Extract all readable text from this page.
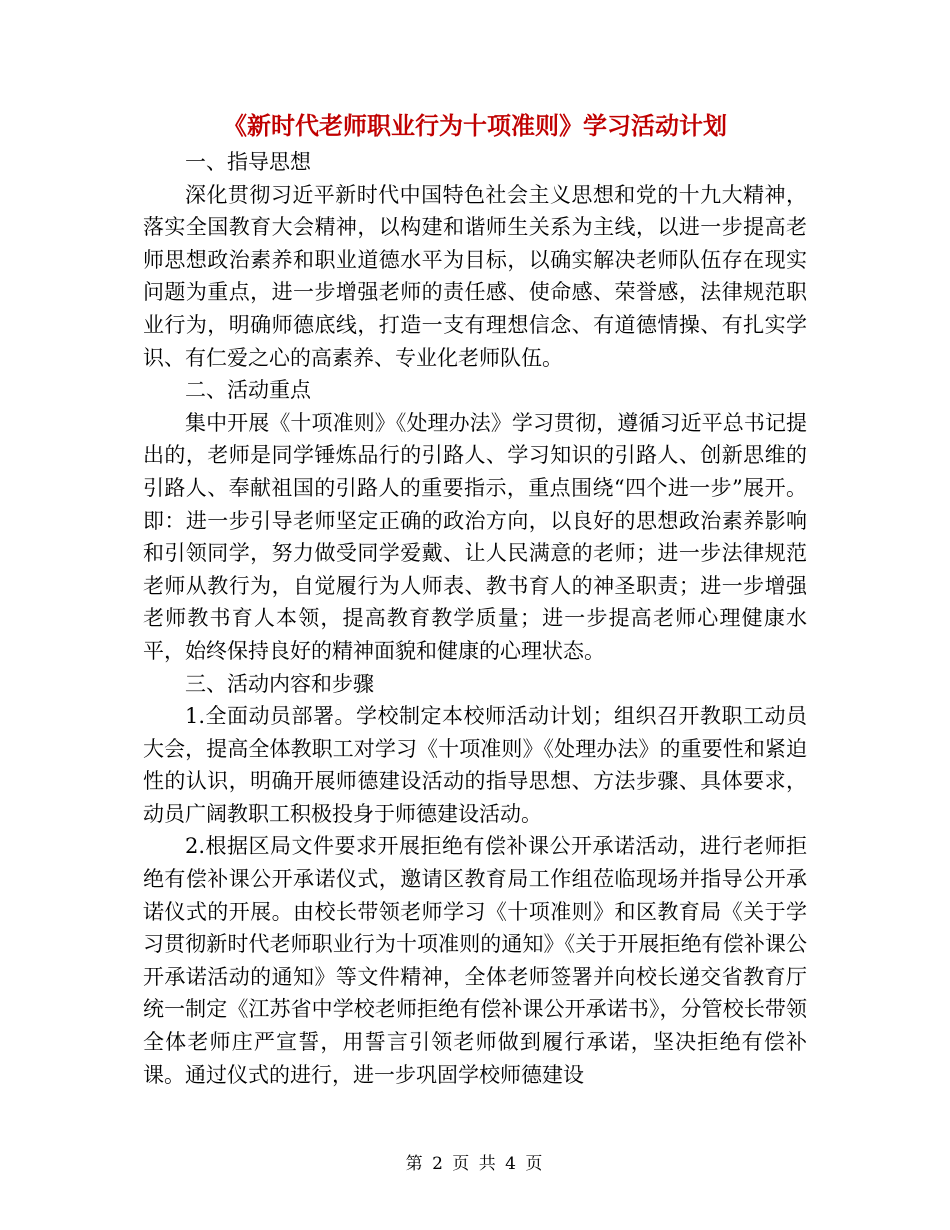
《新时代老师职业行为十项准则》学习活动计划

一、指导思想

深化贯彻习近平新时代中国特色社会主义思想和党的十九大精神，落实全国教育大会精神，以构建和谐师生关系为主线，以进一步提高老师思想政治素养和职业道德水平为目标，以确实解决老师队伍存在现实问题为重点，进一步增强老师的责任感、使命感、荣誉感，法律规范职业行为，明确师德底线，打造一支有理想信念、有道德情操、有扎实学识、有仁爱之心的高素养、专业化老师队伍。

二、活动重点

集中开展《十项准则》《处理办法》学习贯彻，遵循习近平总书记提出的，老师是同学锤炼品行的引路人、学习知识的引路人、创新思维的引路人、奉献祖国的引路人的重要指示，重点围绕“四个进一步”展开。即：进一步引导老师坚定正确的政治方向，以良好的思想政治素养影响和引领同学，努力做受同学爱戴、让人民满意的老师；进一步法律规范老师从教行为，自觉履行为人师表、教书育人的神圣职责；进一步增强老师教书育人本领，提高教育教学质量；进一步提高老师心理健康水平，始终保持良好的精神面貌和健康的心理状态。

三、活动内容和步骤

1.全面动员部署。学校制定本校师活动计划；组织召开教职工动员大会，提高全体教职工对学习《十项准则》《处理办法》的重要性和紧迫性的认识，明确开展师德建设活动的指导思想、方法步骤、具体要求，动员广阔教职工积极投身于师德建设活动。

2.根据区局文件要求开展拒绝有偿补课公开承诺活动，进行老师拒绝有偿补课公开承诺仪式，邀请区教育局工作组莅临现场并指导公开承诺仪式的开展。由校长带领老师学习《十项准则》和区教育局《关于学习贯彻新时代老师职业行为十项准则的通知》《关于开展拒绝有偿补课公开承诺活动的通知》等文件精神，全体老师签署并向校长递交省教育厅统一制定《江苏省中学校老师拒绝有偿补课公开承诺书》，分管校长带领全体老师庄严宣誓，用誓言引领老师做到履行承诺，坚决拒绝有偿补课。通过仪式的进行，进一步巩固学校师德建设

第 2 页 共 4 页
